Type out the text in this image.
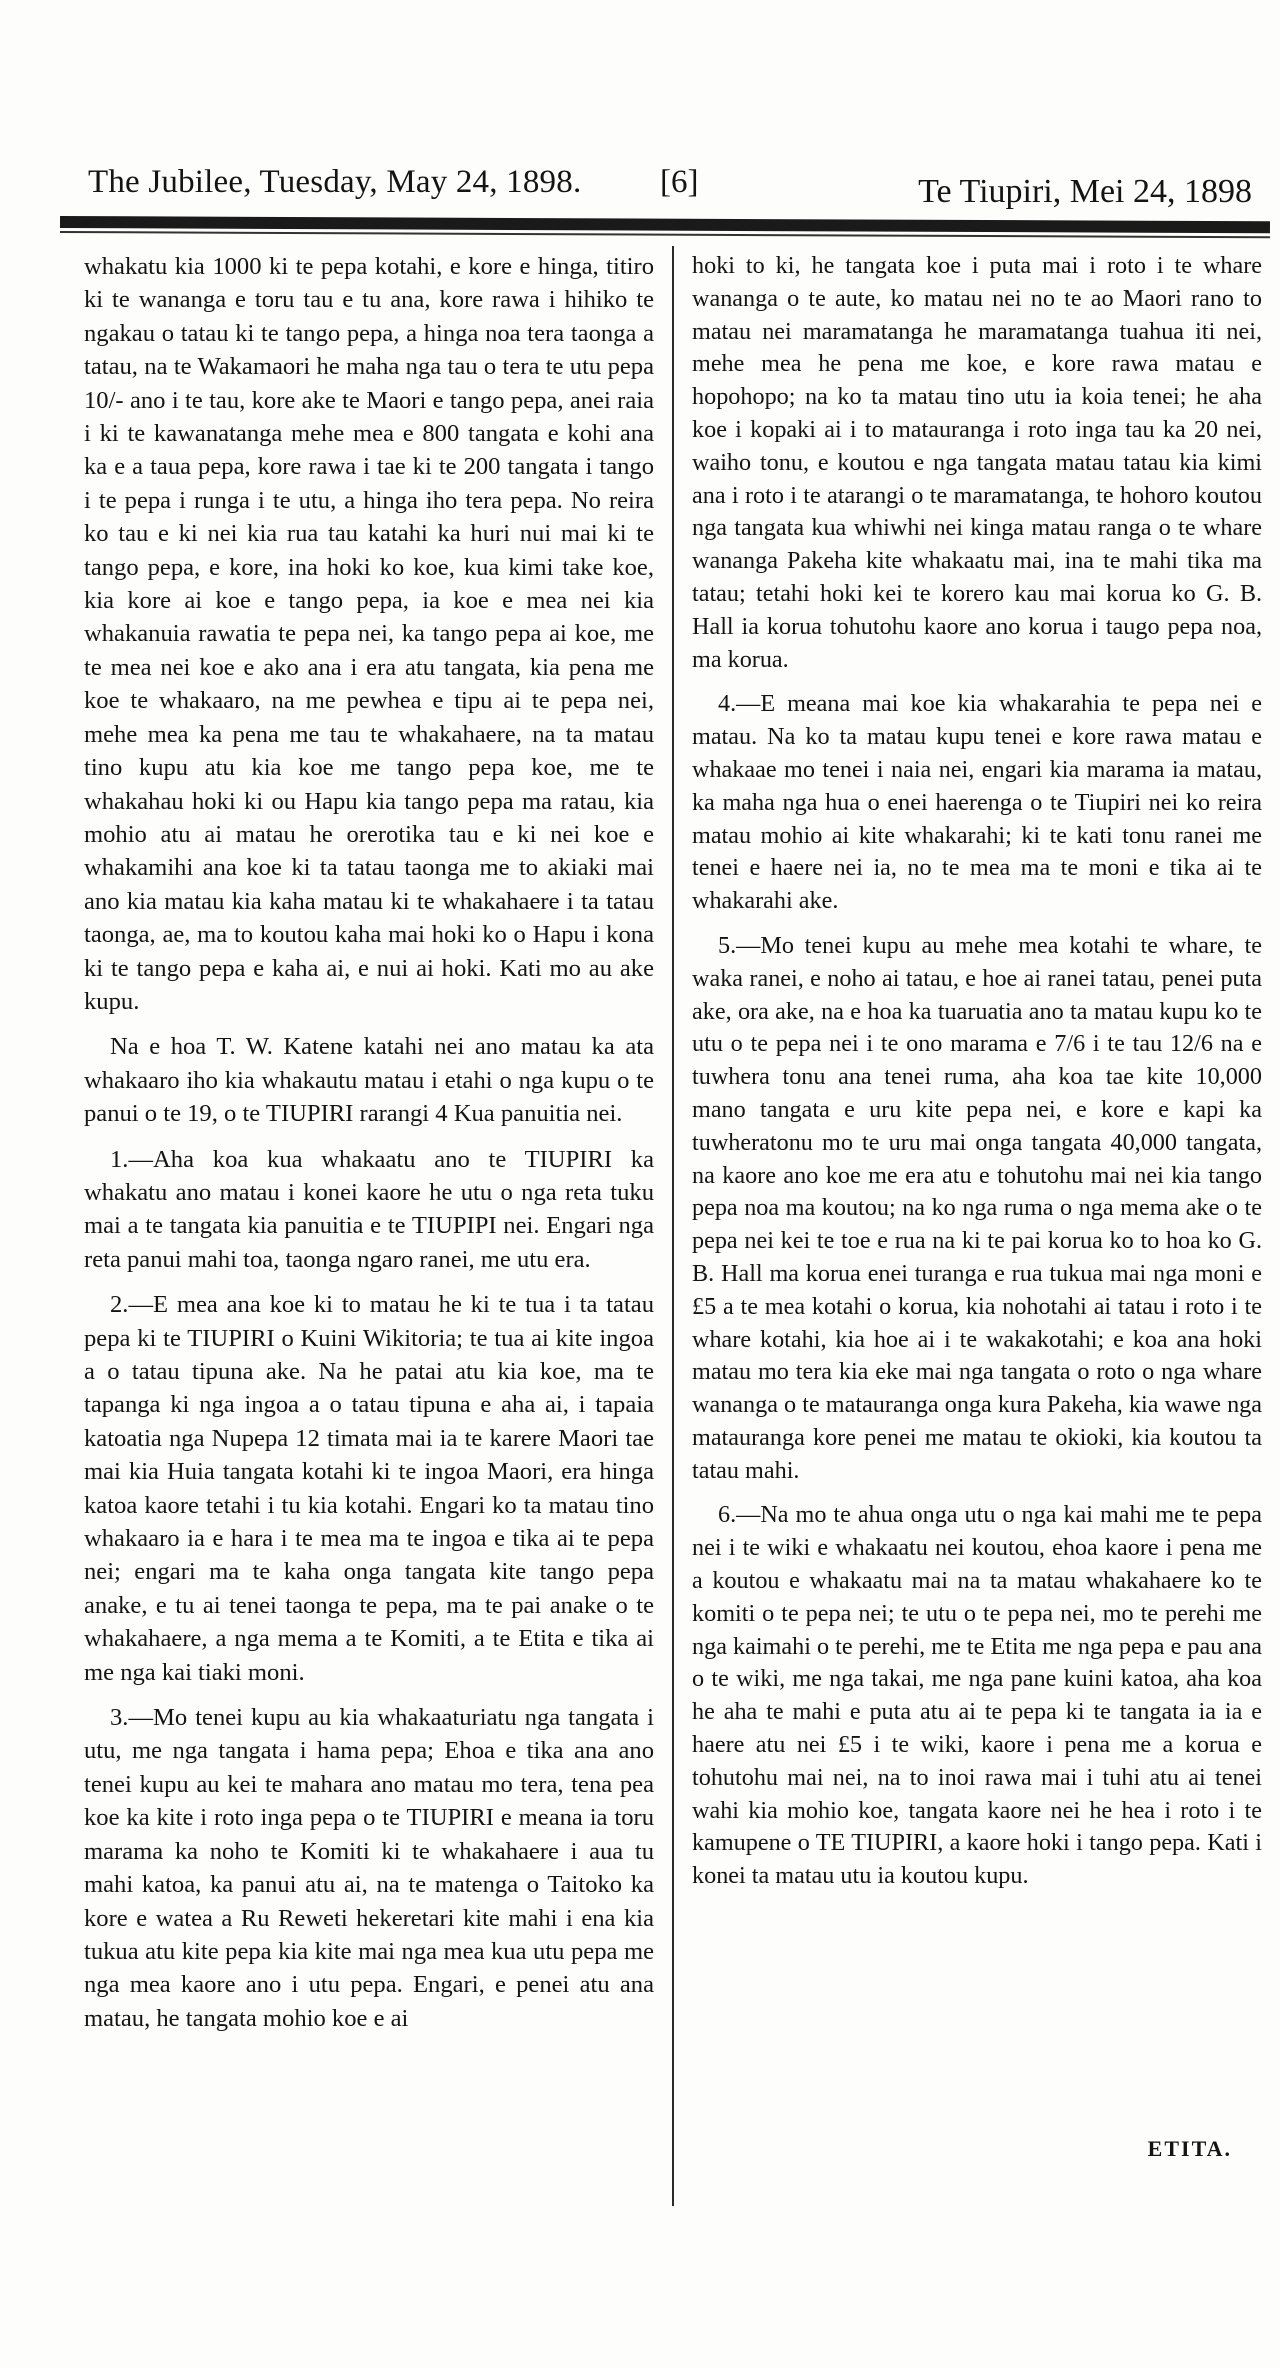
The Jubilee, Tuesday, May 24, 1898. [6]	Te Tiupiri, Mei 24, 1898

whakatu kia 1000 ki te pepa kotahi, e kore e hinga, titiro ki te wananga e toru tau e tu ana, kore rawa i hihiko te ngakau o tatau ki te tango pepa, a hinga noa tera taonga a tatau, na te Wakamaori he maha nga tau o tera te utu pepa 10/- ano i te tau, kore ake te Maori e tango pepa, anei raia i ki te kawanatanga mehe mea e 800 tangata e kohi ana ka e a taua pepa, kore rawa i tae ki te 200 tangata i tango i te pepa i runga i te utu, a hinga iho tera pepa. No reira ko tau e ki nei kia rua tau katahi ka huri nui mai ki te tango pepa, e kore, ina hoki ko koe, kua kimi take koe, kia kore ai koe e tango pepa, ia koe e mea nei kia whakanuia rawatia te pepa nei, ka tango pepa ai koe, me te mea nei koe e ako ana i era atu tangata, kia pena me koe te whakaaro, na me pewhea e tipu ai te pepa nei, mehe mea ka pena me tau te whakahaere, na ta matau tino kupu atu kia koe me tango pepa koe, me te whakahau hoki ki ou Hapu kia tango pepa ma ratau, kia mohio atu ai matau he orerotika tau e ki nei koe e whakamihi ana koe ki ta tatau taonga me to akiaki mai ano kia matau kia kaha matau ki te whakahaere i ta tatau taonga, ae, ma to koutou kaha mai hoki ko o Hapu i kona ki te tango pepa e kaha ai, e nui ai hoki. Kati mo au ake kupu.

Na e hoa T. W. Katene katahi nei ano matau ka ata whakaaro iho kia whakautu matau i etahi o nga kupu o te panui o te 19, o te TIUPIRI rarangi 4 Kua panuitia nei.

1.—Aha koa kua whakaatu ano te TIUPIRI ka whakatu ano matau i konei kaore he utu o nga reta tuku mai a te tangata kia panuitia e te TIUPIPI nei. Engari nga reta panui mahi toa, taonga ngaro ranei, me utu era.

2.—E mea ana koe ki to matau he ki te tua i ta tatau pepa ki te TIUPIRI o Kuini Wikitoria; te tua ai kite ingoa a o tatau tipuna ake. Na he patai atu kia koe, ma te tapanga ki nga ingoa a o tatau tipuna e aha ai, i tapaia katoatia nga Nupepa 12 timata mai ia te karere Maori tae mai kia Huia tangata kotahi ki te ingoa Maori, era hinga katoa kaore tetahi i tu kia kotahi. Engari ko ta matau tino whakaaro ia e hara i te mea ma te ingoa e tika ai te pepa nei; engari ma te kaha onga tangata kite tango pepa anake, e tu ai tenei taonga te pepa, ma te pai anake o te whakahaere, a nga mema a te Komiti, a te Etita e tika ai me nga kai tiaki moni.

3.—Mo tenei kupu au kia whakaaturiatu nga tangata i utu, me nga tangata i hama pepa; Ehoa e tika ana ano tenei kupu au kei te mahara ano matau mo tera, tena pea koe ka kite i roto inga pepa o te TIUPIRI e meana ia toru marama ka noho te Komiti ki te whakahaere i aua tu mahi katoa, ka panui atu ai, na te matenga o Taitoko ka kore e watea a Ru Reweti hekeretari kite mahi i ena kia tukua atu kite pepa kia kite mai nga mea kua utu pepa me nga mea kaore ano i utu pepa. Engari, e penei atu ana matau, he tangata mohio koe e ai

hoki to ki, he tangata koe i puta mai i roto i te whare wananga o te aute, ko matau nei no te ao Maori rano to matau nei maramatanga he maramatanga tuahua iti nei, mehe mea he pena me koe, e kore rawa matau e hopohopo; na ko ta matau tino utu ia koia tenei; he aha koe i kopaki ai i to matauranga i roto inga tau ka 20 nei, waiho tonu, e koutou e nga tangata matau tatau kia kimi ana i roto i te atarangi o te maramatanga, te hohoro koutou nga tangata kua whiwhi nei kinga matau ranga o te whare wananga Pakeha kite whakaatu mai, ina te mahi tika ma tatau; tetahi hoki kei te korero kau mai korua ko G. B. Hall ia korua tohutohu kaore ano korua i taugo pepa noa, ma korua.

4.—E meana mai koe kia whakarahia te pepa nei e matau. Na ko ta matau kupu tenei e kore rawa matau e whakaae mo tenei i naia nei, engari kia marama ia matau, ka maha nga hua o enei haerenga o te Tiupiri nei ko reira matau mohio ai kite whakarahi; ki te kati tonu ranei me tenei e haere nei ia, no te mea ma te moni e tika ai te whakarahi ake.

5.—Mo tenei kupu au mehe mea kotahi te whare, te waka ranei, e noho ai tatau, e hoe ai ranei tatau, penei puta ake, ora ake, na e hoa ka tuaruatia ano ta matau kupu ko te utu o te pepa nei i te ono marama e 7/6 i te tau 12/6 na e tuwhera tonu ana tenei ruma, aha koa tae kite 10,000 mano tangata e uru kite pepa nei, e kore e kapi ka tuwheratonu mo te uru mai onga tangata 40,000 tangata, na kaore ano koe me era atu e tohutohu mai nei kia tango pepa noa ma koutou; na ko nga ruma o nga mema ake o te pepa nei kei te toe e rua na ki te pai korua ko to hoa ko G. B. Hall ma korua enei turanga e rua tukua mai nga moni e £5 a te mea kotahi o korua, kia nohotahi ai tatau i roto i te whare kotahi, kia hoe ai i te wakakotahi; e koa ana hoki matau mo tera kia eke mai nga tangata o roto o nga whare wananga o te matauranga onga kura Pakeha, kia wawe nga matauranga kore penei me matau te okioki, kia koutou ta tatau mahi.

6.—Na mo te ahua onga utu o nga kai mahi me te pepa nei i te wiki e whakaatu nei koutou, ehoa kaore i pena me a koutou e whakaatu mai na ta matau whakahaere ko te komiti o te pepa nei; te utu o te pepa nei, mo te perehi me nga kaimahi o te perehi, me te Etita me nga pepa e pau ana o te wiki, me nga takai, me nga pane kuini katoa, aha koa he aha te mahi e puta atu ai te pepa ki te tangata ia ia e haere atu nei £5 i te wiki, kaore i pena me a korua e tohutohu mai nei, na to inoi rawa mai i tuhi atu ai tenei wahi kia mohio koe, tangata kaore nei he hea i roto i te kamupene o TE TIUPIRI, a kaore hoki i tango pepa. Kati i konei ta matau utu ia koutou kupu.

ETITA.
